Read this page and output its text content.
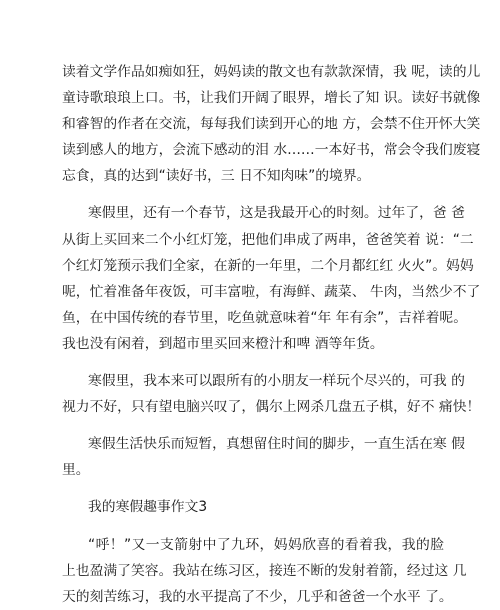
读着文学作品如痴如狂，妈妈读的散文也有款款深情，我 呢，读的儿
童诗歌琅琅上口。书，让我们开阔了眼界，增长了知 识。读好书就像
和睿智的作者在交流，每每我们读到开心的地 方，会禁不住开怀大笑
读到感人的地方，会流下感动的泪 水……一本好书，常会令我们废寝
忘食，真的达到“读好书，三 日不知肉味”的境界。
寒假里，还有一个春节，这是我最开心的时刻。过年了，爸 爸
从街上买回来二个小红灯笼，把他们串成了两串，爸爸笑着 说：“二
个红灯笼预示我们全家，在新的一年里，二个月都红红 火火”。妈妈
呢，忙着准备年夜饭，可丰富啦，有海鲜、蔬菜、 牛肉，当然少不了
鱼，在中国传统的春节里，吃鱼就意味着“年 年有余”，吉祥着呢。
我也没有闲着，到超市里买回来橙汁和啤 酒等年货。
寒假里，我本来可以跟所有的小朋友一样玩个尽兴的，可我 的
视力不好，只有望电脑兴叹了，偶尔上网杀几盘五子棋，好不 痛快！
寒假生活快乐而短暂，真想留住时间的脚步，一直生活在寒 假
里。
我的寒假趣事作文3
“呼！”又一支箭射中了九环，妈妈欣喜的看着我，我的脸
上也盈满了笑容。我站在练习区，接连不断的发射着箭，经过这 几
天的刻苦练习，我的水平提高了不少，几乎和爸爸一个水平 了。
